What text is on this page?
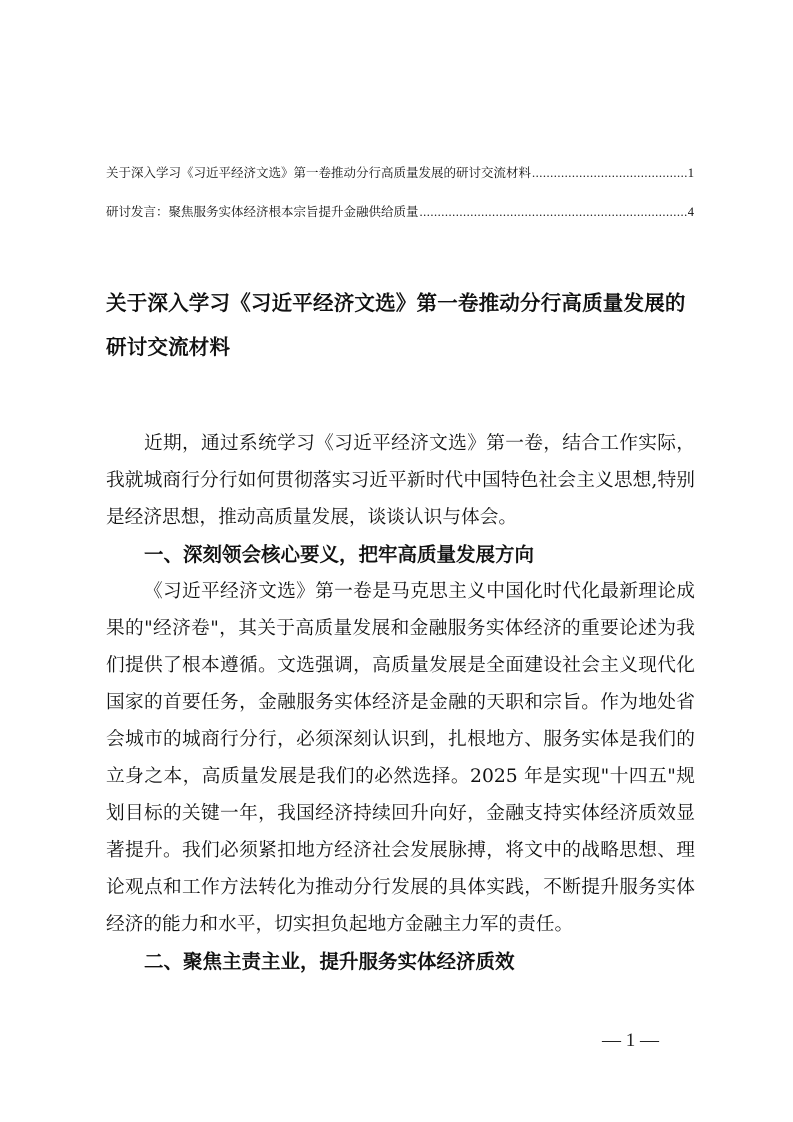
关于深入学习《习近平经济文选》第一卷推动分行高质量发展的研讨交流材料 .....	1
研讨发言：聚焦服务实体经济根本宗旨提升金融供给质量 .....	4
关于深入学习《习近平经济文选》第一卷推动分行高质量发展的
研讨交流材料

近期，通过系统学习《习近平经济文选》第一卷，结合工作实际，我就城商行分行如何贯彻落实习近平新时代中国特色社会主义思想,特别是经济思想，推动高质量发展，谈谈认识与体会。

一、深刻领会核心要义，把牢高质量发展方向

《习近平经济文选》第一卷是马克思主义中国化时代化最新理论成果的"经济卷"，其关于高质量发展和金融服务实体经济的重要论述为我们提供了根本遵循。文选强调，高质量发展是全面建设社会主义现代化国家的首要任务，金融服务实体经济是金融的天职和宗旨。作为地处省会城市的城商行分行，必须深刻认识到，扎根地方、服务实体是我们的立身之本，高质量发展是我们的必然选择。2025 年是实现"十四五"规划目标的关键一年，我国经济持续回升向好，金融支持实体经济质效显著提升。我们必须紧扣地方经济社会发展脉搏，将文中的战略思想、理论观点和工作方法转化为推动分行发展的具体实践，不断提升服务实体经济的能力和水平，切实担负起地方金融主力军的责任。

二、聚焦主责主业，提升服务实体经济质效
— 1 —
